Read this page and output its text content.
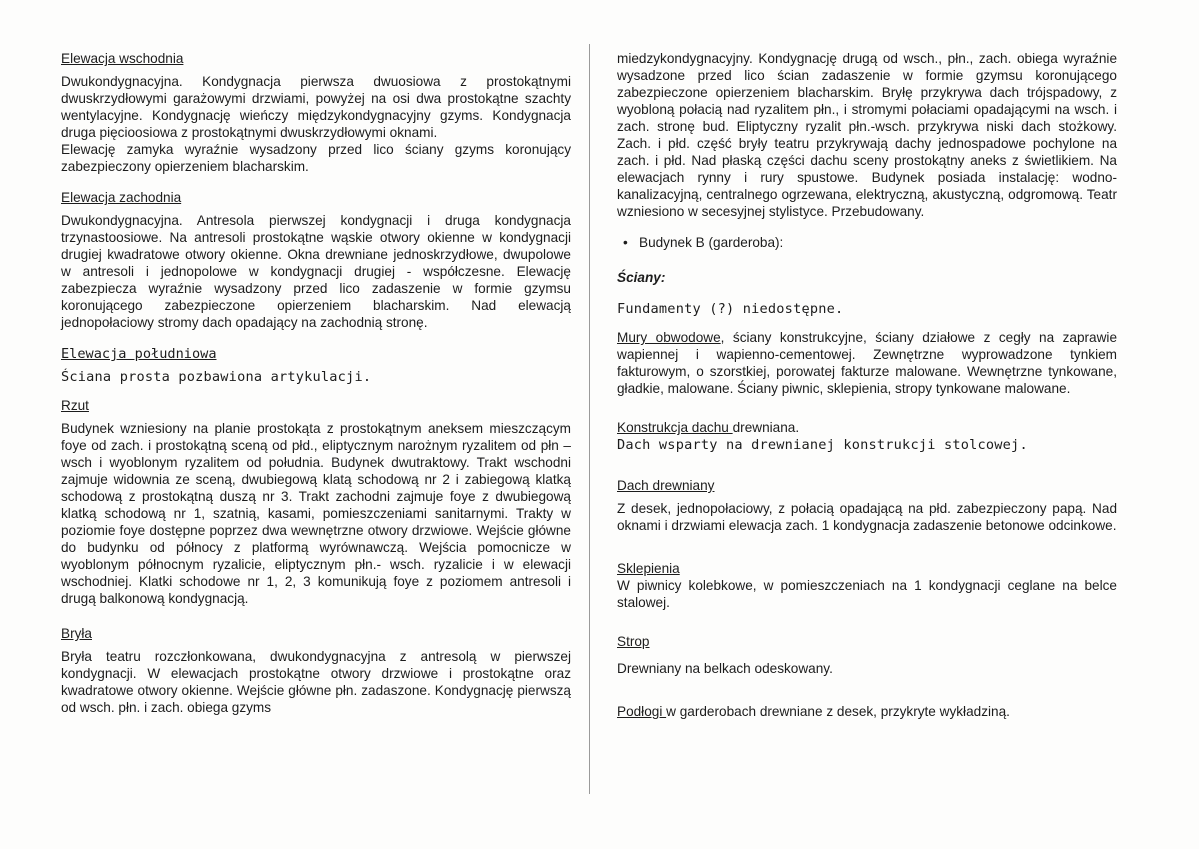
Elewacja wschodnia

Dwukondygnacyjna. Kondygnacja pierwsza dwuosiowa z prostokątnymi dwuskrzydłowymi garażowymi drzwiami, powyżej na osi dwa prostokątne szachty wentylacyjne. Kondygnację wieńczy międzykondygnacyjny gzyms. Kondygnacja druga pięcioosiowa z prostokątnymi dwuskrzydłowymi oknami.

Elewację zamyka wyraźnie wysadzony przed lico ściany gzyms koronujący zabezpieczony opierzeniem blacharskim.

Elewacja zachodnia

Dwukondygnacyjna. Antresola pierwszej kondygnacji i druga kondygnacja trzynastoosiowe. Na antresoli prostokątne wąskie otwory okienne w kondygnacji drugiej kwadratowe otwory okienne. Okna drewniane jednoskrzydłowe, dwupolowe w antresoli i jednopolowe w kondygnacji drugiej - współczesne. Elewację zabezpiecza wyraźnie wysadzony przed lico zadaszenie w formie gzymsu koronującego zabezpieczone opierzeniem blacharskim. Nad elewacją jednopołaciowy stromy dach opadający na zachodnią stronę.

Elewacja południowa

Ściana prosta pozbawiona artykulacji.

Rzut

Budynek wzniesiony na planie prostokąta z prostokątnym aneksem mieszczącym foye od zach. i prostokątną sceną od płd., eliptycznym narożnym ryzalitem od płn – wsch i wyoblonym ryzalitem od południa. Budynek dwutraktowy. Trakt wschodni zajmuje widownia ze sceną, dwubiegową klatą schodową nr 2 i zabiegową klatką schodową z prostokątną duszą nr 3. Trakt zachodni zajmuje foye z dwubiegową klatką schodową nr 1, szatnią, kasami, pomieszczeniami sanitarnymi. Trakty w poziomie foye dostępne poprzez dwa wewnętrzne otwory drzwiowe. Wejście główne do budynku od północy z platformą wyrównawczą. Wejścia pomocnicze w wyoblonym północnym ryzalicie, eliptycznym płn.- wsch. ryzalicie i w elewacji wschodniej. Klatki schodowe nr 1, 2, 3 komunikują foye z poziomem antresoli i drugą balkonową kondygnacją.

Bryła

Bryła teatru rozczłonkowana, dwukondygnacyjna z antresolą w pierwszej kondygnacji. W elewacjach prostokątne otwory drzwiowe i prostokątne oraz kwadratowe otwory okienne. Wejście główne płn. zadaszone. Kondygnację pierwszą od wsch. płn. i zach. obiega gzyms

miedzykondygnacyjny. Kondygnację drugą od wsch., płn., zach. obiega wyraźnie wysadzone przed lico ścian zadaszenie w formie gzymsu koronującego zabezpieczone opierzeniem blacharskim. Bryłę przykrywa dach trójspadowy, z wyobloną połacią nad ryzalitem płn., i stromymi połaciami opadającymi na wsch. i zach. stronę bud. Eliptyczny ryzalit płn.-wsch. przykrywa niski dach stożkowy. Zach. i płd. część bryły teatru przykrywają dachy jednospadowe pochylone na zach. i płd. Nad płaską części dachu sceny prostokątny aneks z świetlikiem. Na elewacjach rynny i rury spustowe. Budynek posiada instalację: wodno-kanalizacyjną, centralnego ogrzewana, elektryczną, akustyczną, odgromową. Teatr wzniesiono w secesyjnej stylistyce. Przebudowany.

• Budynek B (garderoba):

Ściany:

Fundamenty (?) niedostępne.

Mury obwodowe, ściany konstrukcyjne, ściany działowe z cegły na zaprawie wapiennej i wapienno-cementowej. Zewnętrzne wyprowadzone tynkiem fakturowym, o szorstkiej, porowatej fakturze malowane. Wewnętrzne tynkowane, gładkie, malowane. Ściany piwnic, sklepienia, stropy tynkowane malowane.

Konstrukcja dachu drewniana.

Dach wsparty na drewnianej konstrukcji stolcowej.

Dach drewniany

Z desek, jednopołaciowy, z połacią opadającą na płd. zabezpieczony papą. Nad oknami i drzwiami elewacja zach. 1 kondygnacja zadaszenie betonowe odcinkowe.

Sklepienia

W piwnicy kolebkowe, w pomieszczeniach na 1 kondygnacji ceglane na belce stalowej.

Strop

Drewniany na belkach odeskowany.

Podłogi w garderobach drewniane z desek, przykryte wykładziną.
